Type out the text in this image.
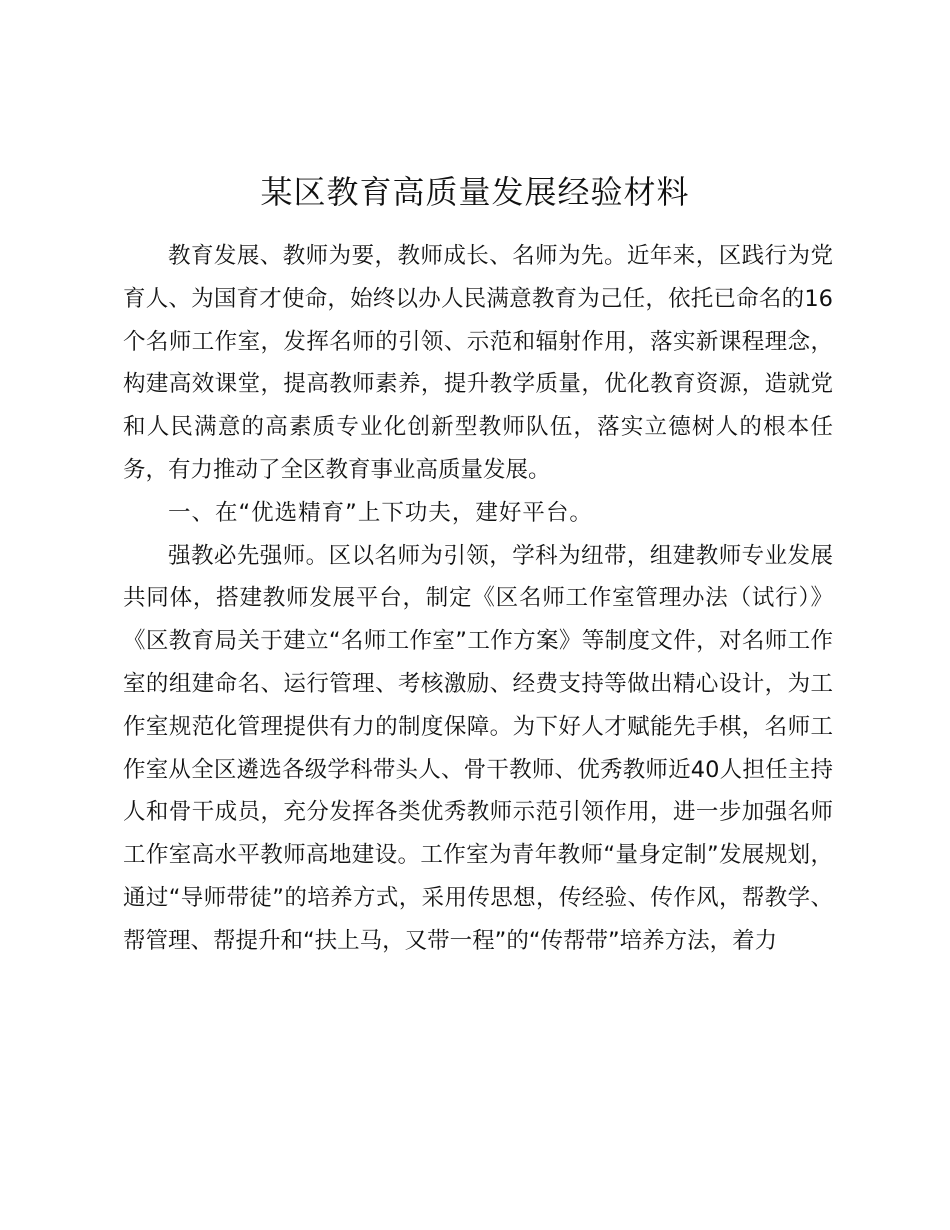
某区教育高质量发展经验材料

教育发展、教师为要，教师成长、名师为先。近年来，区践行为党育人、为国育才使命，始终以办人民满意教育为己任，依托已命名的16个名师工作室，发挥名师的引领、示范和辐射作用，落实新课程理念，构建高效课堂，提高教师素养，提升教学质量，优化教育资源，造就党和人民满意的高素质专业化创新型教师队伍，落实立德树人的根本任务，有力推动了全区教育事业高质量发展。

一、在“优选精育”上下功夫，建好平台。

强教必先强师。区以名师为引领，学科为纽带，组建教师专业发展共同体，搭建教师发展平台，制定《区名师工作室管理办法（试行）》《区教育局关于建立“名师工作室”工作方案》等制度文件，对名师工作室的组建命名、运行管理、考核激励、经费支持等做出精心设计，为工作室规范化管理提供有力的制度保障。为下好人才赋能先手棋，名师工作室从全区遴选各级学科带头人、骨干教师、优秀教师近40人担任主持人和骨干成员，充分发挥各类优秀教师示范引领作用，进一步加强名师工作室高水平教师高地建设。工作室为青年教师“量身定制”发展规划，通过“导师带徒”的培养方式，采用传思想，传经验、传作风，帮教学、帮管理、帮提升和“扶上马，又带一程”的“传帮带”培养方法，着力
